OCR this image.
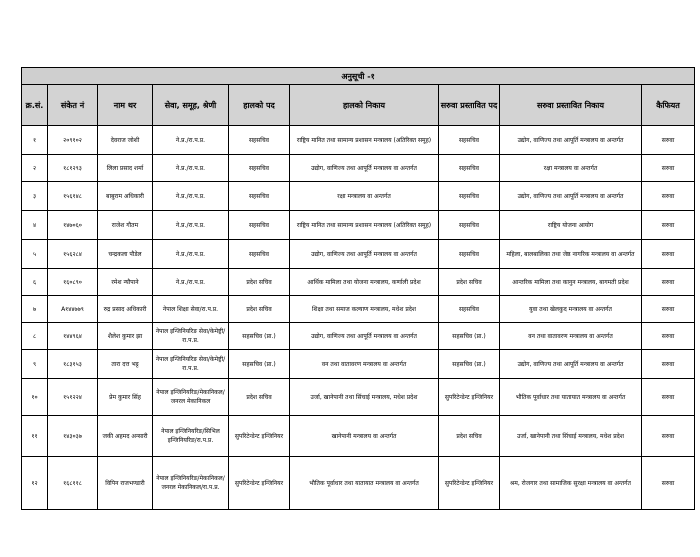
अनुसूची -१								
क्र.सं.	संकेत नं	नाम थर	सेवा, समूह, श्रेणी	हालको पद	हालको निकाय	सरुवा प्रस्तावित पद	सरुवा प्रस्तावित निकाय	कैफियत
१	२०९१०२	देवराज जोशी	ने.प्र./रा.प.प्र.	सहसचिव	राष्ट्रिय मानित तथा सामान्य प्रशासन मन्त्रालय (अतिरिक्त समूह)	सहसचिव	उद्योग, वाणिज्य तथा आपूर्ति मन्त्रालय वा अन्तर्गत	सरुवा
२	१८१२९३	लिला प्रसाद शर्मा	ने.प्र./रा.प.प्र.	सहसचिव	उद्योग, वाणिज्य तथा आपूर्ति मन्त्रालय वा अन्तर्गत	सहसचिव	रक्षा मन्त्रालय वा अन्तर्गत	सरुवा
३	१५६१४८	बाबुराम अधिकारी	ने.प्र./रा.प.प्र.	सहसचिव	रक्षा मन्त्रालय वा अन्तर्गत	सहसचिव	उद्योग, वाणिज्य तथा आपूर्ति मन्त्रालय वा अन्तर्गत	सरुवा
४	१४७०६०	राजेश गौतम	ने.प्र./रा.प.प्र.	सहसचिव	राष्ट्रिय मानित तथा सामान्य प्रशासन मन्त्रालय (अतिरिक्त समूह)	सहसचिव	राष्ट्रिय योजना आयोग	सरुवा
५	१५६२८४	चन्द्रकला पौडेल	ने.प्र./रा.प.प्र.	सहसचिव	उद्योग, वाणिज्य तथा आपूर्ति मन्त्रालय वा अन्तर्गत	सहसचिव	महिला, बालबालिका तथा जेष्ठ नागरिक मन्त्रालय वा अन्तर्गत	सरुवा
६	१६०८९०	रमेश न्यौपाने	ने.प्र./रा.प.प्र.	प्रदेश सचिव	आर्थिक मामिला तथा योजना मन्त्रालय, कर्णाली प्रदेश	प्रदेश सचिव	आन्तरिक मामिला तथा कानुन मन्त्रालय, बागमती प्रदेश	सरुवा
७	A१४४७७९	रुद्र प्रसाद अधिकारी	नेपाल शिक्षा सेवा/रा.प.प्र.	प्रदेश सचिव	शिक्षा तथा समाज कल्याण मन्त्रालय, मधेश प्रदेश	सहसचिव	युवा तथा खेलकुद मन्त्रालय वा अन्तर्गत	सरुवा
८	१४४९६४	शैलेश कुमार झा	नेपाल इन्जिनियरिङ सेवा/केमेष्ट्री/रा.प.प्र.	सहसचिव (प्रा.)	उद्योग, वाणिज्य तथा आपूर्ति मन्त्रालय वा अन्तर्गत	सहसचिव (प्रा.)	वन तथा वातावरण मन्त्रालय वा अन्तर्गत	सरुवा
९	१८३१५३	तारा दत्त भट्ट	नेपाल इन्जिनियरिङ सेवा/केमेष्ट्री/रा.प.प्र.	सहसचिव (प्रा.)	वन तथा वातावरण मन्त्रालय वा अन्तर्गत	सहसचिव (प्रा.)	उद्योग, वाणिज्य तथा आपूर्ति मन्त्रालय वा अन्तर्गत	सरुवा
१०	१५१२२४	प्रेम कुमार सिंह	नेपाल इन्जिनियरिङ/मेकानिकल/जनरल मेकानिकल	प्रदेश सचिव	उर्जा, खानेपानी तथा सिंचाई मन्त्रालय, मधेश प्रदेश	सुपरिटेन्डेन्ट इन्जिनियर	भौतिक पूर्वाधार तथा यातायात मन्त्रालय वा अन्तर्गत	सरुवा
११	१४३०३७	जकी अहमद अन्सारी	नेपाल इन्जिनियरिङ/सिभिल इन्जिनियरिङ/रा.प.प्र.	सुपरिटेन्डेन्ट इन्जिनियर	खानेपानी मन्त्रालय वा अन्तर्गत	प्रदेश सचिव	उर्जा, खानेपानी तथा सिंचाई मन्त्रालय, मधेश प्रदेश	सरुवा
१२	१६८११८	विपिन राजभण्डारी	नेपाल इन्जिनियरिङ/मेकानिकल/जनरल मेकानिकल/रा.प.प्र.	सुपरिटेन्डेन्ट इन्जिनियर	भौतिक पूर्वाधार तथा यातायात मन्त्रालय वा अन्तर्गत	सुपरिटेन्डेन्ट इन्जिनियर	श्रम, रोजगार तथा सामाजिक सुरक्षा मन्त्रालय वा अन्तर्गत	सरुवा
